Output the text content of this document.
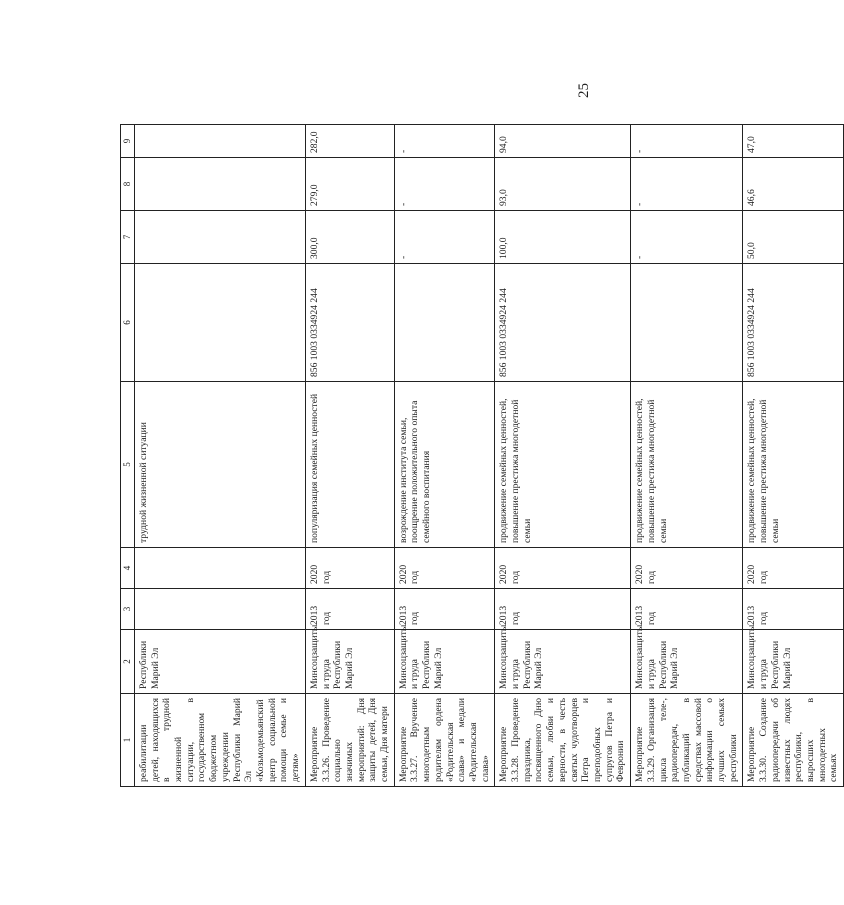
25
1	2	3	4	5	6	7	8	9
реабилитации детей, находящихся в трудной жизненной ситуации, в государственном бюджетном учреждении Республики Марий Эл «Козьмодемьянский центр социальной помощи семье и детям»	Республики Марий Эл			трудной жизненной ситуации				
Мероприятие 3.3.26. Проведение социально значимых мероприятий: Дня защиты детей, Дня семьи, Дня матери	Минсоцзащиты и труда Республики Марий Эл	2013 год	2020 год	популяризация семейных ценностей	856 1003 0334924 244	300,0	279,0	282,0
Мероприятие 3.3.27. Вручение многодетным родителям ордена «Родительская слава» и медали «Родительская слава»	Минсоцзащиты и труда Республики Марий Эл	2013 год	2020 год	возрождение института семьи, поощрение положительного опыта семейного воспитания		-	-	-
Мероприятие 3.3.28. Проведение праздника, посвященного Дню семьи, любви и верности, в честь святых чудотворцев Петра и преподобных супругов Петра и Февронии	Минсоцзащиты и труда Республики Марий Эл	2013 год	2020 год	продвижение семейных ценностей, повышение престижа многодетной семьи	856 1003 0334924 244	100,0	93,0	94,0
Мероприятие 3.3.29. Организация цикла теле-, радиопередач, публикаций в средствах массовой информации о лучших семьях республики	Минсоцзащиты и труда Республики Марий Эл	2013 год	2020 год	продвижение семейных ценностей, повышение престижа многодетной семьи		-	-	-
Мероприятие 3.3.30. Создание радиопередачи об известных людях республики, выросших в многодетных семьях	Минсоцзащиты и труда Республики Марий Эл	2013 год	2020 год	продвижение семейных ценностей, повышение престижа многодетной семьи	856 1003 0334924 244	50,0	46,6	47,0
